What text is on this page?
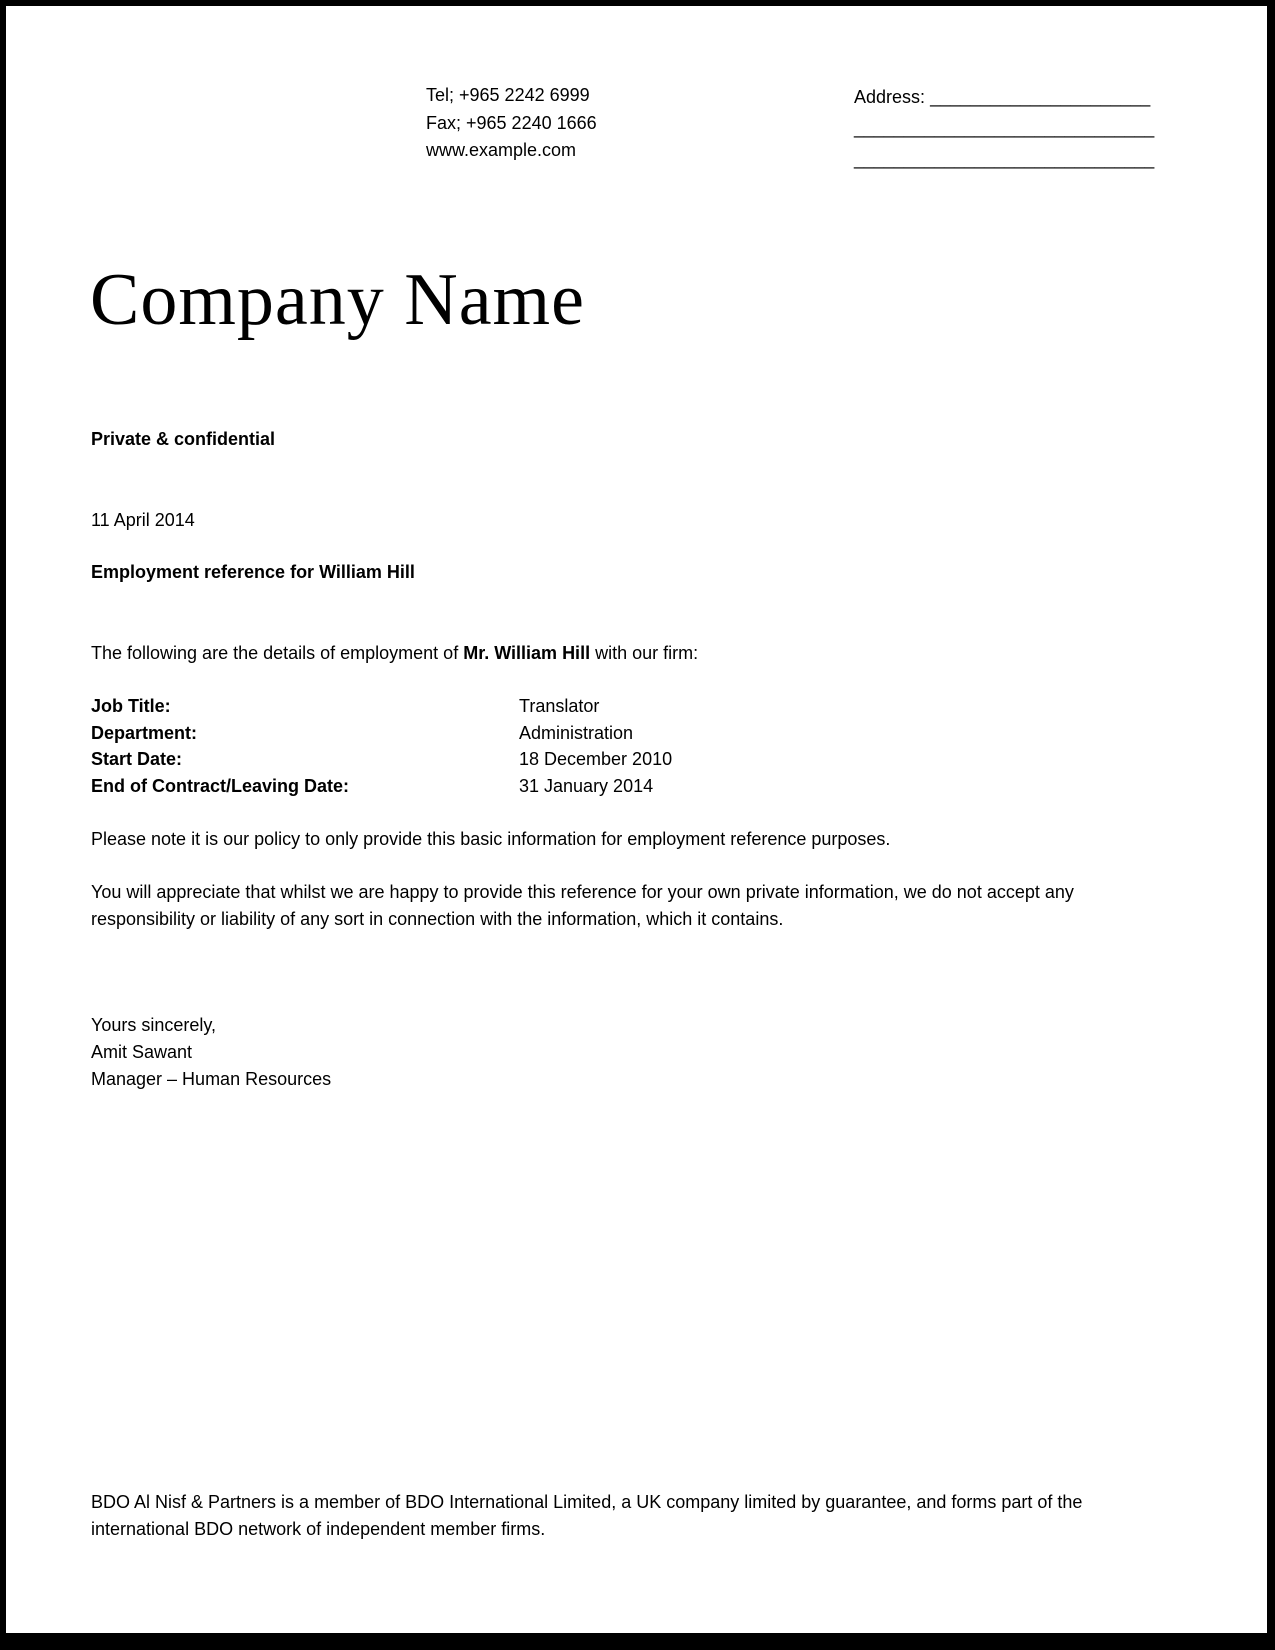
Tel; +965 2242 6999
Fax; +965 2240 1666
www.example.com
Address: ______________________
______________________________
______________________________
Company Name
Private & confidential
11 April 2014
Employment reference for William Hill
The following are the details of employment of Mr. William Hill with our firm:
Job Title:	Translator
Department:	Administration
Start Date:	18 December 2010
End of Contract/Leaving Date:	31 January 2014
Please note it is our policy to only provide this basic information for employment reference purposes.
You will appreciate that whilst we are happy to provide this reference for your own private information, we do not accept any responsibility or liability of any sort in connection with the information, which it contains.
Yours sincerely,
Amit Sawant
Manager – Human Resources
BDO Al Nisf & Partners is a member of BDO International Limited, a UK company limited by guarantee, and forms part of the international BDO network of independent member firms.
